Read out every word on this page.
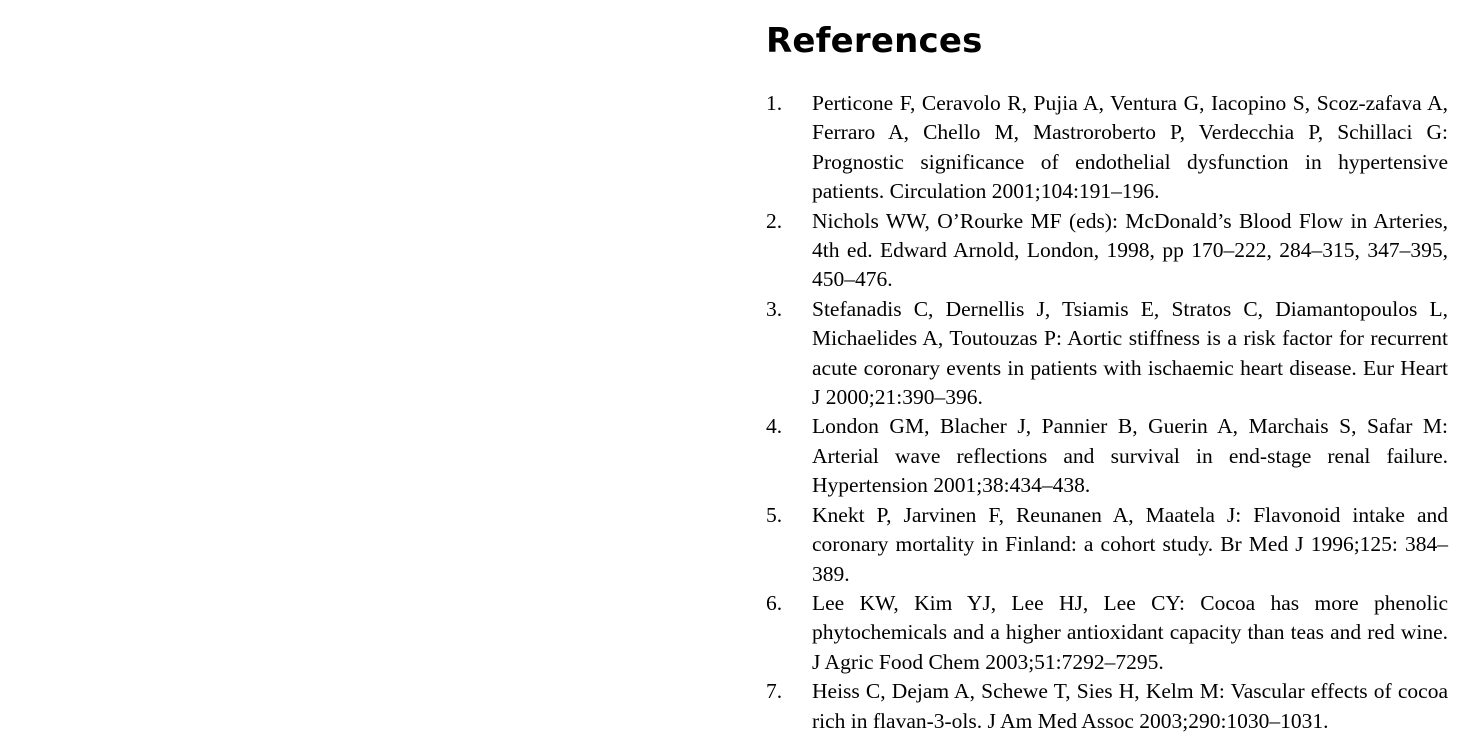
References
1. Perticone F, Ceravolo R, Pujia A, Ventura G, Iacopino S, Scoz-zafava A, Ferraro A, Chello M, Mastroroberto P, Verdecchia P, Schillaci G: Prognostic significance of endothelial dysfunction in hypertensive patients. Circulation 2001;104:191–196.
2. Nichols WW, O’Rourke MF (eds): McDonald’s Blood Flow in Arteries, 4th ed. Edward Arnold, London, 1998, pp 170–222, 284–315, 347–395, 450–476.
3. Stefanadis C, Dernellis J, Tsiamis E, Stratos C, Diamantopoulos L, Michaelides A, Toutouzas P: Aortic stiffness is a risk factor for recurrent acute coronary events in patients with ischaemic heart disease. Eur Heart J 2000;21:390–396.
4. London GM, Blacher J, Pannier B, Guerin A, Marchais S, Safar M: Arterial wave reflections and survival in end-stage renal failure. Hypertension 2001;38:434–438.
5. Knekt P, Jarvinen F, Reunanen A, Maatela J: Flavonoid intake and coronary mortality in Finland: a cohort study. Br Med J 1996;125: 384–389.
6. Lee KW, Kim YJ, Lee HJ, Lee CY: Cocoa has more phenolic phytochemicals and a higher antioxidant capacity than teas and red wine. J Agric Food Chem 2003;51:7292–7295.
7. Heiss C, Dejam A, Schewe T, Sies H, Kelm M: Vascular effects of cocoa rich in flavan-3-ols. J Am Med Assoc 2003;290:1030–1031.
